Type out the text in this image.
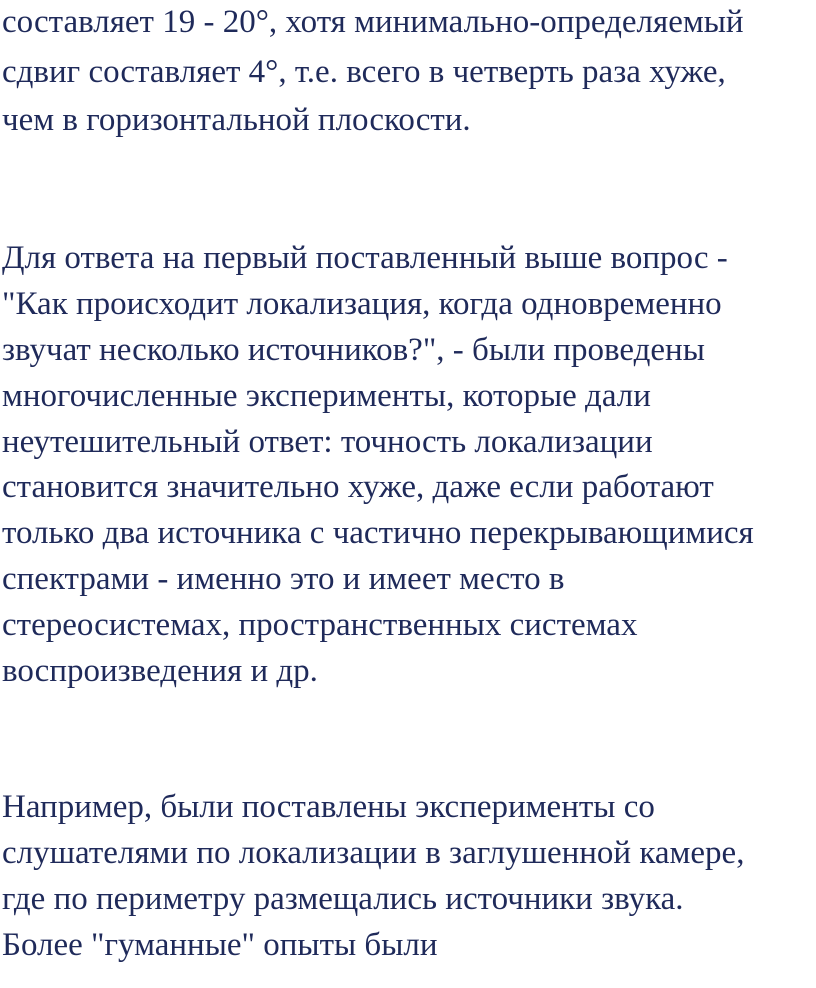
составляет 19 - 20°, хотя минимально-определяемый

сдвиг составляет 4°, т.е. всего в четверть раза хуже,

чем в горизонтальной плоскости.

Для ответа на первый поставленный выше вопрос -

"Как происходит локализация, когда одновременно

звучат несколько источников?", - были проведены

многочисленные эксперименты, которые дали

неутешительный ответ: точность локализации

становится значительно хуже, даже если работают

только два источника с частично перекрывающимися

спектрами - именно это и имеет место в

стереосистемах, пространственных системах

воспроизведения и др.

Например, были поставлены эксперименты со

слушателями по локализации в заглушенной камере,

где по периметру размещались источники звука.

Более "гуманные" опыты были
